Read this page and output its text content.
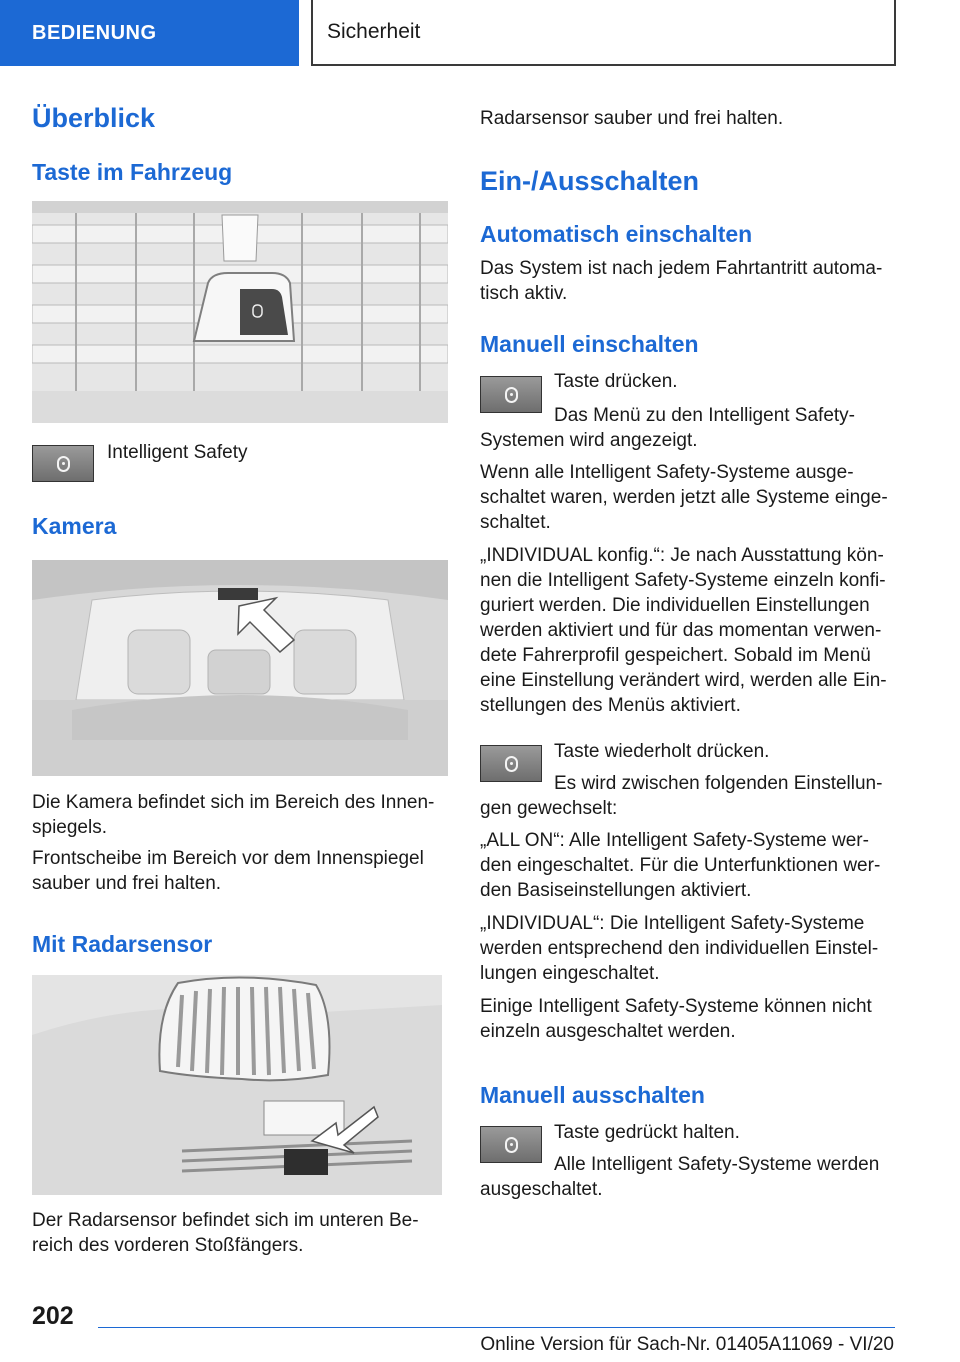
BEDIENUNG	Sicherheit
Überblick
Taste im Fahrzeug

Intelligent Safety

Kamera

Die Kamera befindet sich im Bereich des Innenspiegels.

Frontscheibe im Bereich vor dem Innenspiegel sauber und frei halten.

Mit Radarsensor

Der Radarsensor befindet sich im unteren Bereich des vorderen Stoßfängers.

Radarsensor sauber und frei halten.

Ein-/Ausschalten
Automatisch einschalten

Das System ist nach jedem Fahrtantritt automatisch aktiv.

Manuell einschalten

Taste drücken.

Das Menü zu den Intelligent Safety-Systemen wird angezeigt.

Wenn alle Intelligent Safety-Systeme ausgeschaltet waren, werden jetzt alle Systeme eingeschaltet.

„INDIVIDUAL konfig.“: Je nach Ausstattung können die Intelligent Safety-Systeme einzeln konfiguriert werden. Die individuellen Einstellungen werden aktiviert und für das momentan verwendete Fahrerprofil gespeichert. Sobald im Menü eine Einstellung verändert wird, werden alle Einstellungen des Menüs aktiviert.

Taste wiederholt drücken.

Es wird zwischen folgenden Einstellungen gewechselt:

„ALL ON“: Alle Intelligent Safety-Systeme werden eingeschaltet. Für die Unterfunktionen werden Basiseinstellungen aktiviert.

„INDIVIDUAL“: Die Intelligent Safety-Systeme werden entsprechend den individuellen Einstellungen eingeschaltet.

Einige Intelligent Safety-Systeme können nicht einzeln ausgeschaltet werden.

Manuell ausschalten

Taste gedrückt halten.

Alle Intelligent Safety-Systeme werden ausgeschaltet.

202
Online Version für Sach-Nr. 01405A11069 - VI/20
